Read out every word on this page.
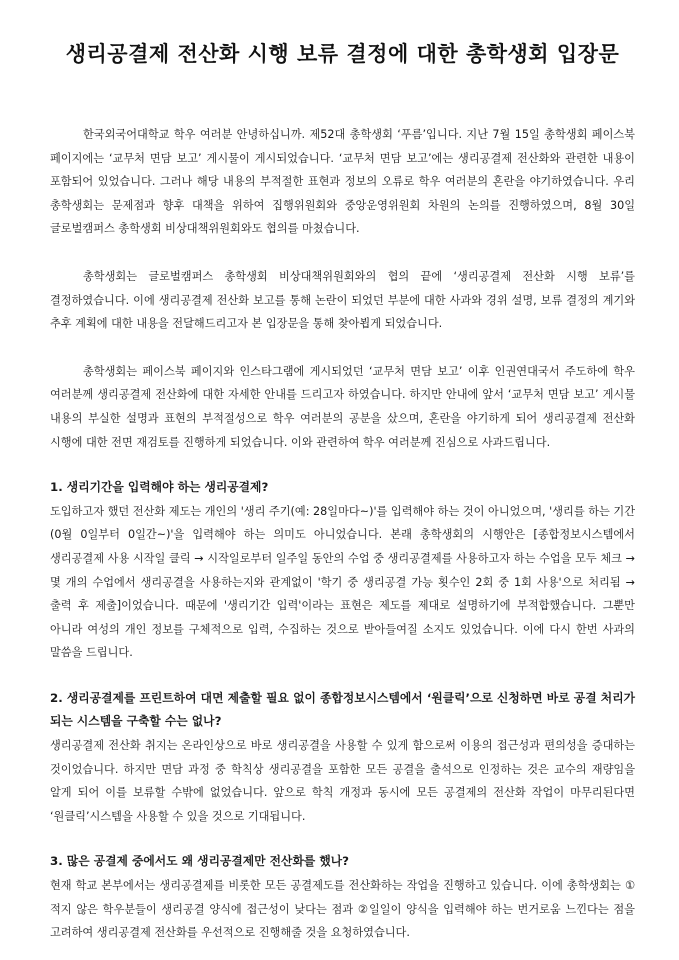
생리공결제 전산화 시행 보류 결정에 대한 총학생회 입장문

한국외국어대학교 학우 여러분 안녕하십니까. 제52대 총학생회 ‘푸름’입니다. 지난 7월 15일 총학생회 페이스북 페이지에는 ‘교무처 면담 보고’ 게시물이 게시되었습니다. ‘교무처 면담 보고’에는 생리공결제 전산화와 관련한 내용이 포함되어 있었습니다. 그러나 해당 내용의 부적절한 표현과 정보의 오류로 학우 여러분의 혼란을 야기하였습니다. 우리 총학생회는 문제점과 향후 대책을 위하여 집행위원회와 중앙운영위원회 차원의 논의를 진행하였으며, 8월 30일 글로벌캠퍼스 총학생회 비상대책위원회와도 협의를 마쳤습니다.

총학생회는 글로벌캠퍼스 총학생회 비상대책위원회와의 협의 끝에 ‘생리공결제 전산화 시행 보류’를 결정하였습니다. 이에 생리공결제 전산화 보고를 통해 논란이 되었던 부분에 대한 사과와 경위 설명, 보류 결정의 계기와 추후 계획에 대한 내용을 전달해드리고자 본 입장문을 통해 찾아뵙게 되었습니다.

총학생회는 페이스북 페이지와 인스타그램에 게시되었던 ‘교무처 면담 보고’ 이후 인권연대국서 주도하에 학우 여러분께 생리공결제 전산화에 대한 자세한 안내를 드리고자 하였습니다. 하지만 안내에 앞서 ‘교무처 면담 보고’ 게시물 내용의 부실한 설명과 표현의 부적절성으로 학우 여러분의 공분을 샀으며, 혼란을 야기하게 되어 생리공결제 전산화 시행에 대한 전면 재검토를 진행하게 되었습니다. 이와 관련하여 학우 여러분께 진심으로 사과드립니다.

1. 생리기간을 입력해야 하는 생리공결제?

도입하고자 했던 전산화 제도는 개인의 '생리 주기(예: 28일마다~)'를 입력해야 하는 것이 아니었으며, '생리를 하는 기간(0월 0일부터 0일간~)'을 입력해야 하는 의미도 아니었습니다. 본래 총학생회의 시행안은 [종합정보시스템에서 생리공결제 사용 시작일 클릭 → 시작일로부터 일주일 동안의 수업 중 생리공결제를 사용하고자 하는 수업을 모두 체크 → 몇 개의 수업에서 생리공결을 사용하는지와 관계없이 '학기 중 생리공결 가능 횟수인 2회 중 1회 사용'으로 처리됨 → 출력 후 제출]이었습니다. 때문에 '생리기간 입력'이라는 표현은 제도를 제대로 설명하기에 부적합했습니다. 그뿐만 아니라 여성의 개인 정보를 구체적으로 입력, 수집하는 것으로 받아들여질 소지도 있었습니다. 이에 다시 한번 사과의 말씀을 드립니다.

2. 생리공결제를 프린트하여 대면 제출할 필요 없이 종합정보시스템에서 ‘원클릭’으로 신청하면 바로 공결 처리가 되는 시스템을 구축할 수는 없나?

생리공결제 전산화 취지는 온라인상으로 바로 생리공결을 사용할 수 있게 함으로써 이용의 접근성과 편의성을 증대하는 것이었습니다. 하지만 면담 과정 중 학칙상 생리공결을 포함한 모든 공결을 출석으로 인정하는 것은 교수의 재량임을 알게 되어 이를 보류할 수밖에 없었습니다. 앞으로 학칙 개정과 동시에 모든 공결제의 전산화 작업이 마무리된다면 ‘원클릭’시스템을 사용할 수 있을 것으로 기대됩니다.

3. 많은 공결제 중에서도 왜 생리공결제만 전산화를 했나?

현재 학교 본부에서는 생리공결제를 비롯한 모든 공결제도를 전산화하는 작업을 진행하고 있습니다. 이에 총학생회는 ① 적지 않은 학우분들이 생리공결 양식에 접근성이 낮다는 점과 ②일일이 양식을 입력해야 하는 번거로움 느낀다는 점을 고려하여 생리공결제 전산화를 우선적으로 진행해줄 것을 요청하였습니다.
